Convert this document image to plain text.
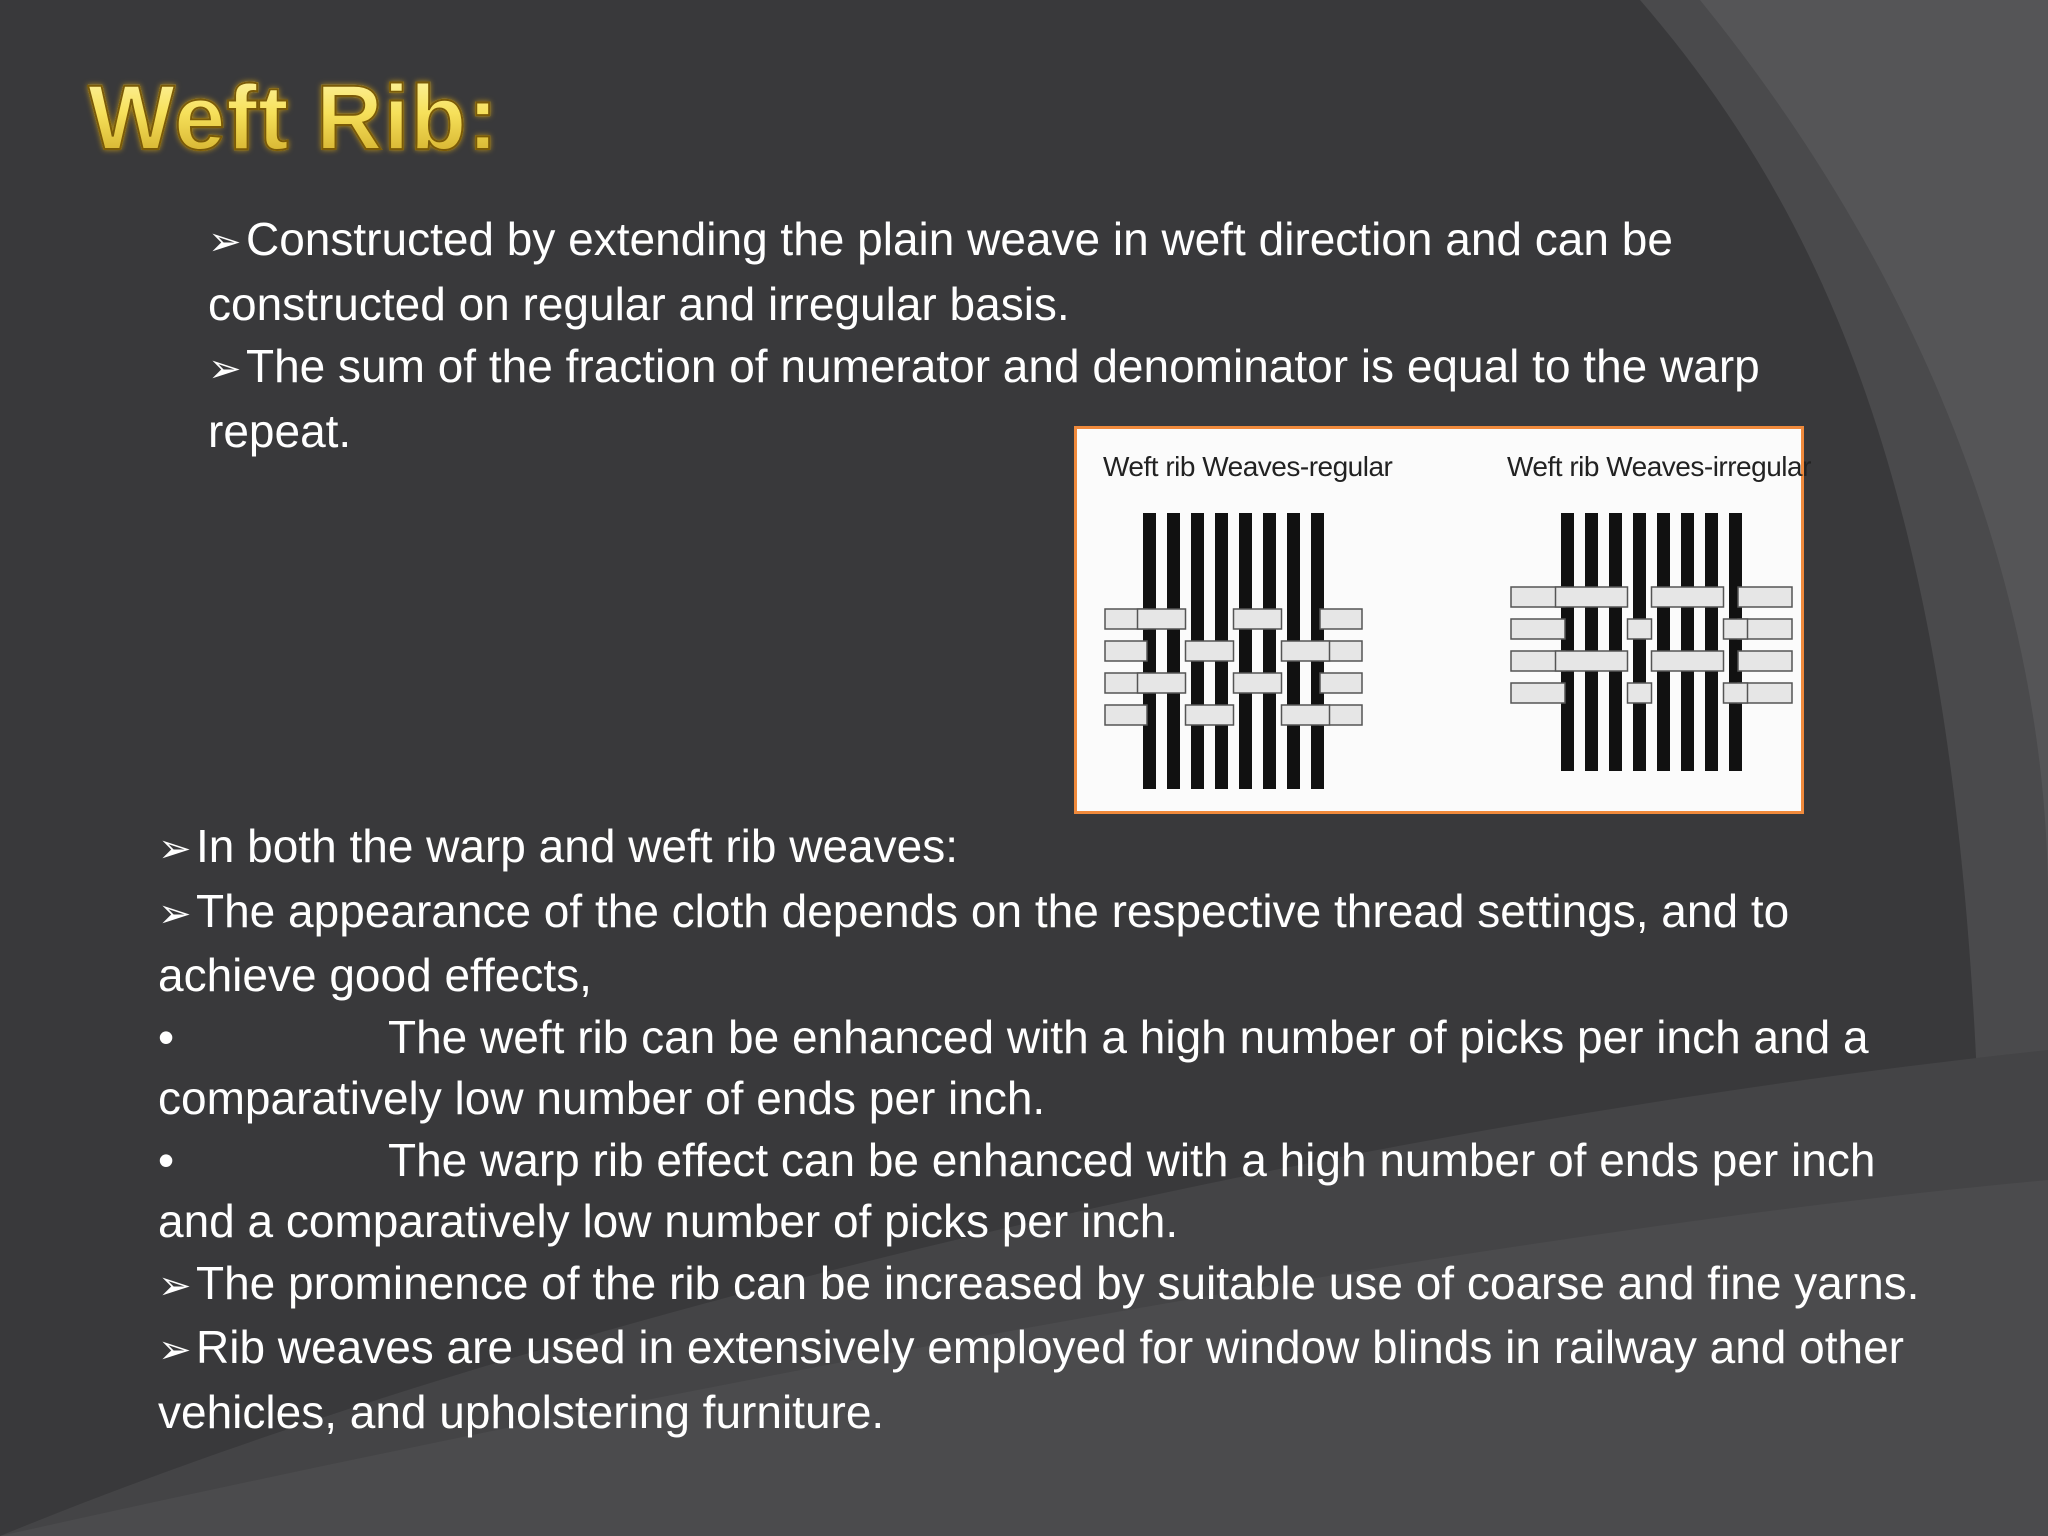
Weft Rib:

➢Constructed by extending the plain weave in weft direction and can be constructed on regular and irregular basis.

➢The sum of the fraction of numerator and denominator is equal to the warp repeat.

Weft rib Weaves-regular	Weft rib Weaves-irregular

➢In both the warp and weft rib weaves:

➢The appearance of the cloth depends on the respective thread settings, and to achieve good effects,

•	The weft rib can be enhanced with a high number of picks per inch and a comparatively low number of ends per inch.

•	The warp rib effect can be enhanced with a high number of ends per inch and a comparatively low number of picks per inch.

➢The prominence of the rib can be increased by suitable use of coarse and fine yarns.

➢Rib weaves are used in extensively employed for window blinds in railway and other vehicles, and upholstering furniture.
